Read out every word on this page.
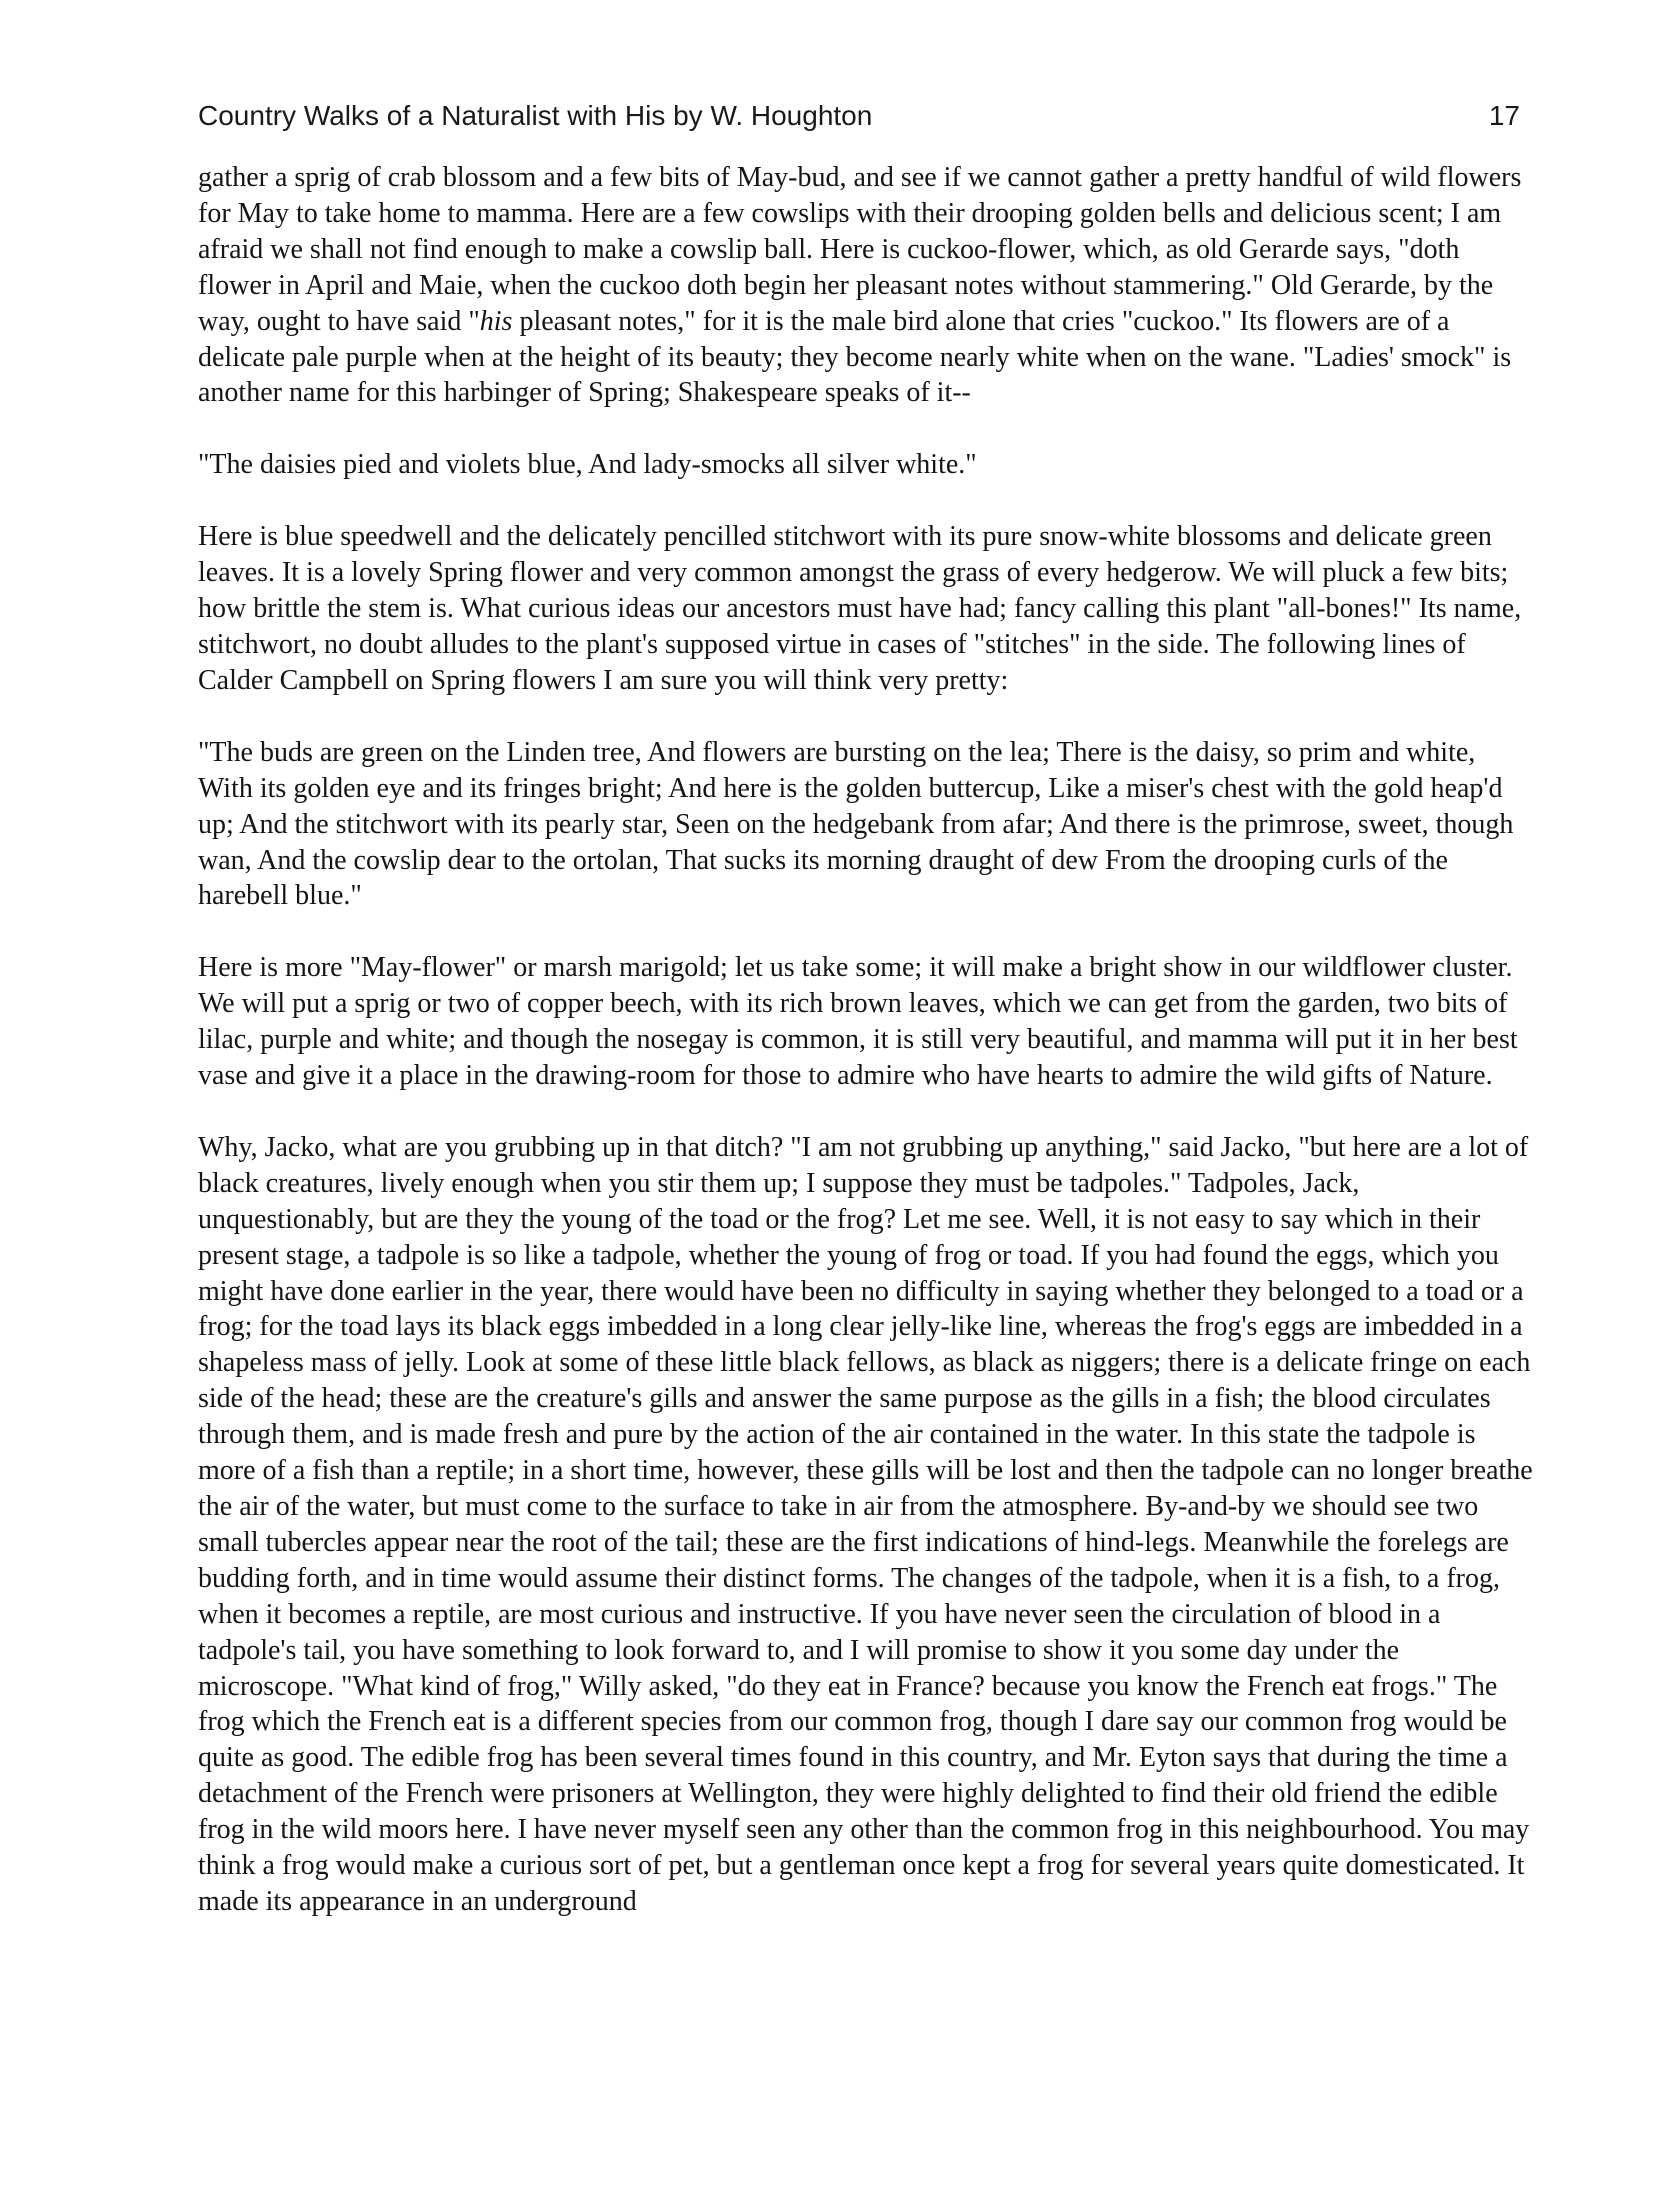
Country Walks of a Naturalist with His by W. Houghton	17

gather a sprig of crab blossom and a few bits of May-bud, and see if we cannot gather a pretty handful of wild flowers for May to take home to mamma. Here are a few cowslips with their drooping golden bells and delicious scent; I am afraid we shall not find enough to make a cowslip ball. Here is cuckoo-flower, which, as old Gerarde says, "doth flower in April and Maie, when the cuckoo doth begin her pleasant notes without stammering." Old Gerarde, by the way, ought to have said "his pleasant notes," for it is the male bird alone that cries "cuckoo." Its flowers are of a delicate pale purple when at the height of its beauty; they become nearly white when on the wane. "Ladies' smock" is another name for this harbinger of Spring; Shakespeare speaks of it--

"The daisies pied and violets blue, And lady-smocks all silver white."

Here is blue speedwell and the delicately pencilled stitchwort with its pure snow-white blossoms and delicate green leaves. It is a lovely Spring flower and very common amongst the grass of every hedgerow. We will pluck a few bits; how brittle the stem is. What curious ideas our ancestors must have had; fancy calling this plant "all-bones!" Its name, stitchwort, no doubt alludes to the plant's supposed virtue in cases of "stitches" in the side. The following lines of Calder Campbell on Spring flowers I am sure you will think very pretty:

"The buds are green on the Linden tree, And flowers are bursting on the lea; There is the daisy, so prim and white, With its golden eye and its fringes bright; And here is the golden buttercup, Like a miser's chest with the gold heap'd up; And the stitchwort with its pearly star, Seen on the hedgebank from afar; And there is the primrose, sweet, though wan, And the cowslip dear to the ortolan, That sucks its morning draught of dew From the drooping curls of the harebell blue."

Here is more "May-flower" or marsh marigold; let us take some; it will make a bright show in our wildflower cluster. We will put a sprig or two of copper beech, with its rich brown leaves, which we can get from the garden, two bits of lilac, purple and white; and though the nosegay is common, it is still very beautiful, and mamma will put it in her best vase and give it a place in the drawing-room for those to admire who have hearts to admire the wild gifts of Nature.

Why, Jacko, what are you grubbing up in that ditch? "I am not grubbing up anything," said Jacko, "but here are a lot of black creatures, lively enough when you stir them up; I suppose they must be tadpoles." Tadpoles, Jack, unquestionably, but are they the young of the toad or the frog? Let me see. Well, it is not easy to say which in their present stage, a tadpole is so like a tadpole, whether the young of frog or toad. If you had found the eggs, which you might have done earlier in the year, there would have been no difficulty in saying whether they belonged to a toad or a frog; for the toad lays its black eggs imbedded in a long clear jelly-like line, whereas the frog's eggs are imbedded in a shapeless mass of jelly. Look at some of these little black fellows, as black as niggers; there is a delicate fringe on each side of the head; these are the creature's gills and answer the same purpose as the gills in a fish; the blood circulates through them, and is made fresh and pure by the action of the air contained in the water. In this state the tadpole is more of a fish than a reptile; in a short time, however, these gills will be lost and then the tadpole can no longer breathe the air of the water, but must come to the surface to take in air from the atmosphere. By-and-by we should see two small tubercles appear near the root of the tail; these are the first indications of hind-legs. Meanwhile the forelegs are budding forth, and in time would assume their distinct forms. The changes of the tadpole, when it is a fish, to a frog, when it becomes a reptile, are most curious and instructive. If you have never seen the circulation of blood in a tadpole's tail, you have something to look forward to, and I will promise to show it you some day under the microscope. "What kind of frog," Willy asked, "do they eat in France? because you know the French eat frogs." The frog which the French eat is a different species from our common frog, though I dare say our common frog would be quite as good. The edible frog has been several times found in this country, and Mr. Eyton says that during the time a detachment of the French were prisoners at Wellington, they were highly delighted to find their old friend the edible frog in the wild moors here. I have never myself seen any other than the common frog in this neighbourhood. You may think a frog would make a curious sort of pet, but a gentleman once kept a frog for several years quite domesticated. It made its appearance in an underground
